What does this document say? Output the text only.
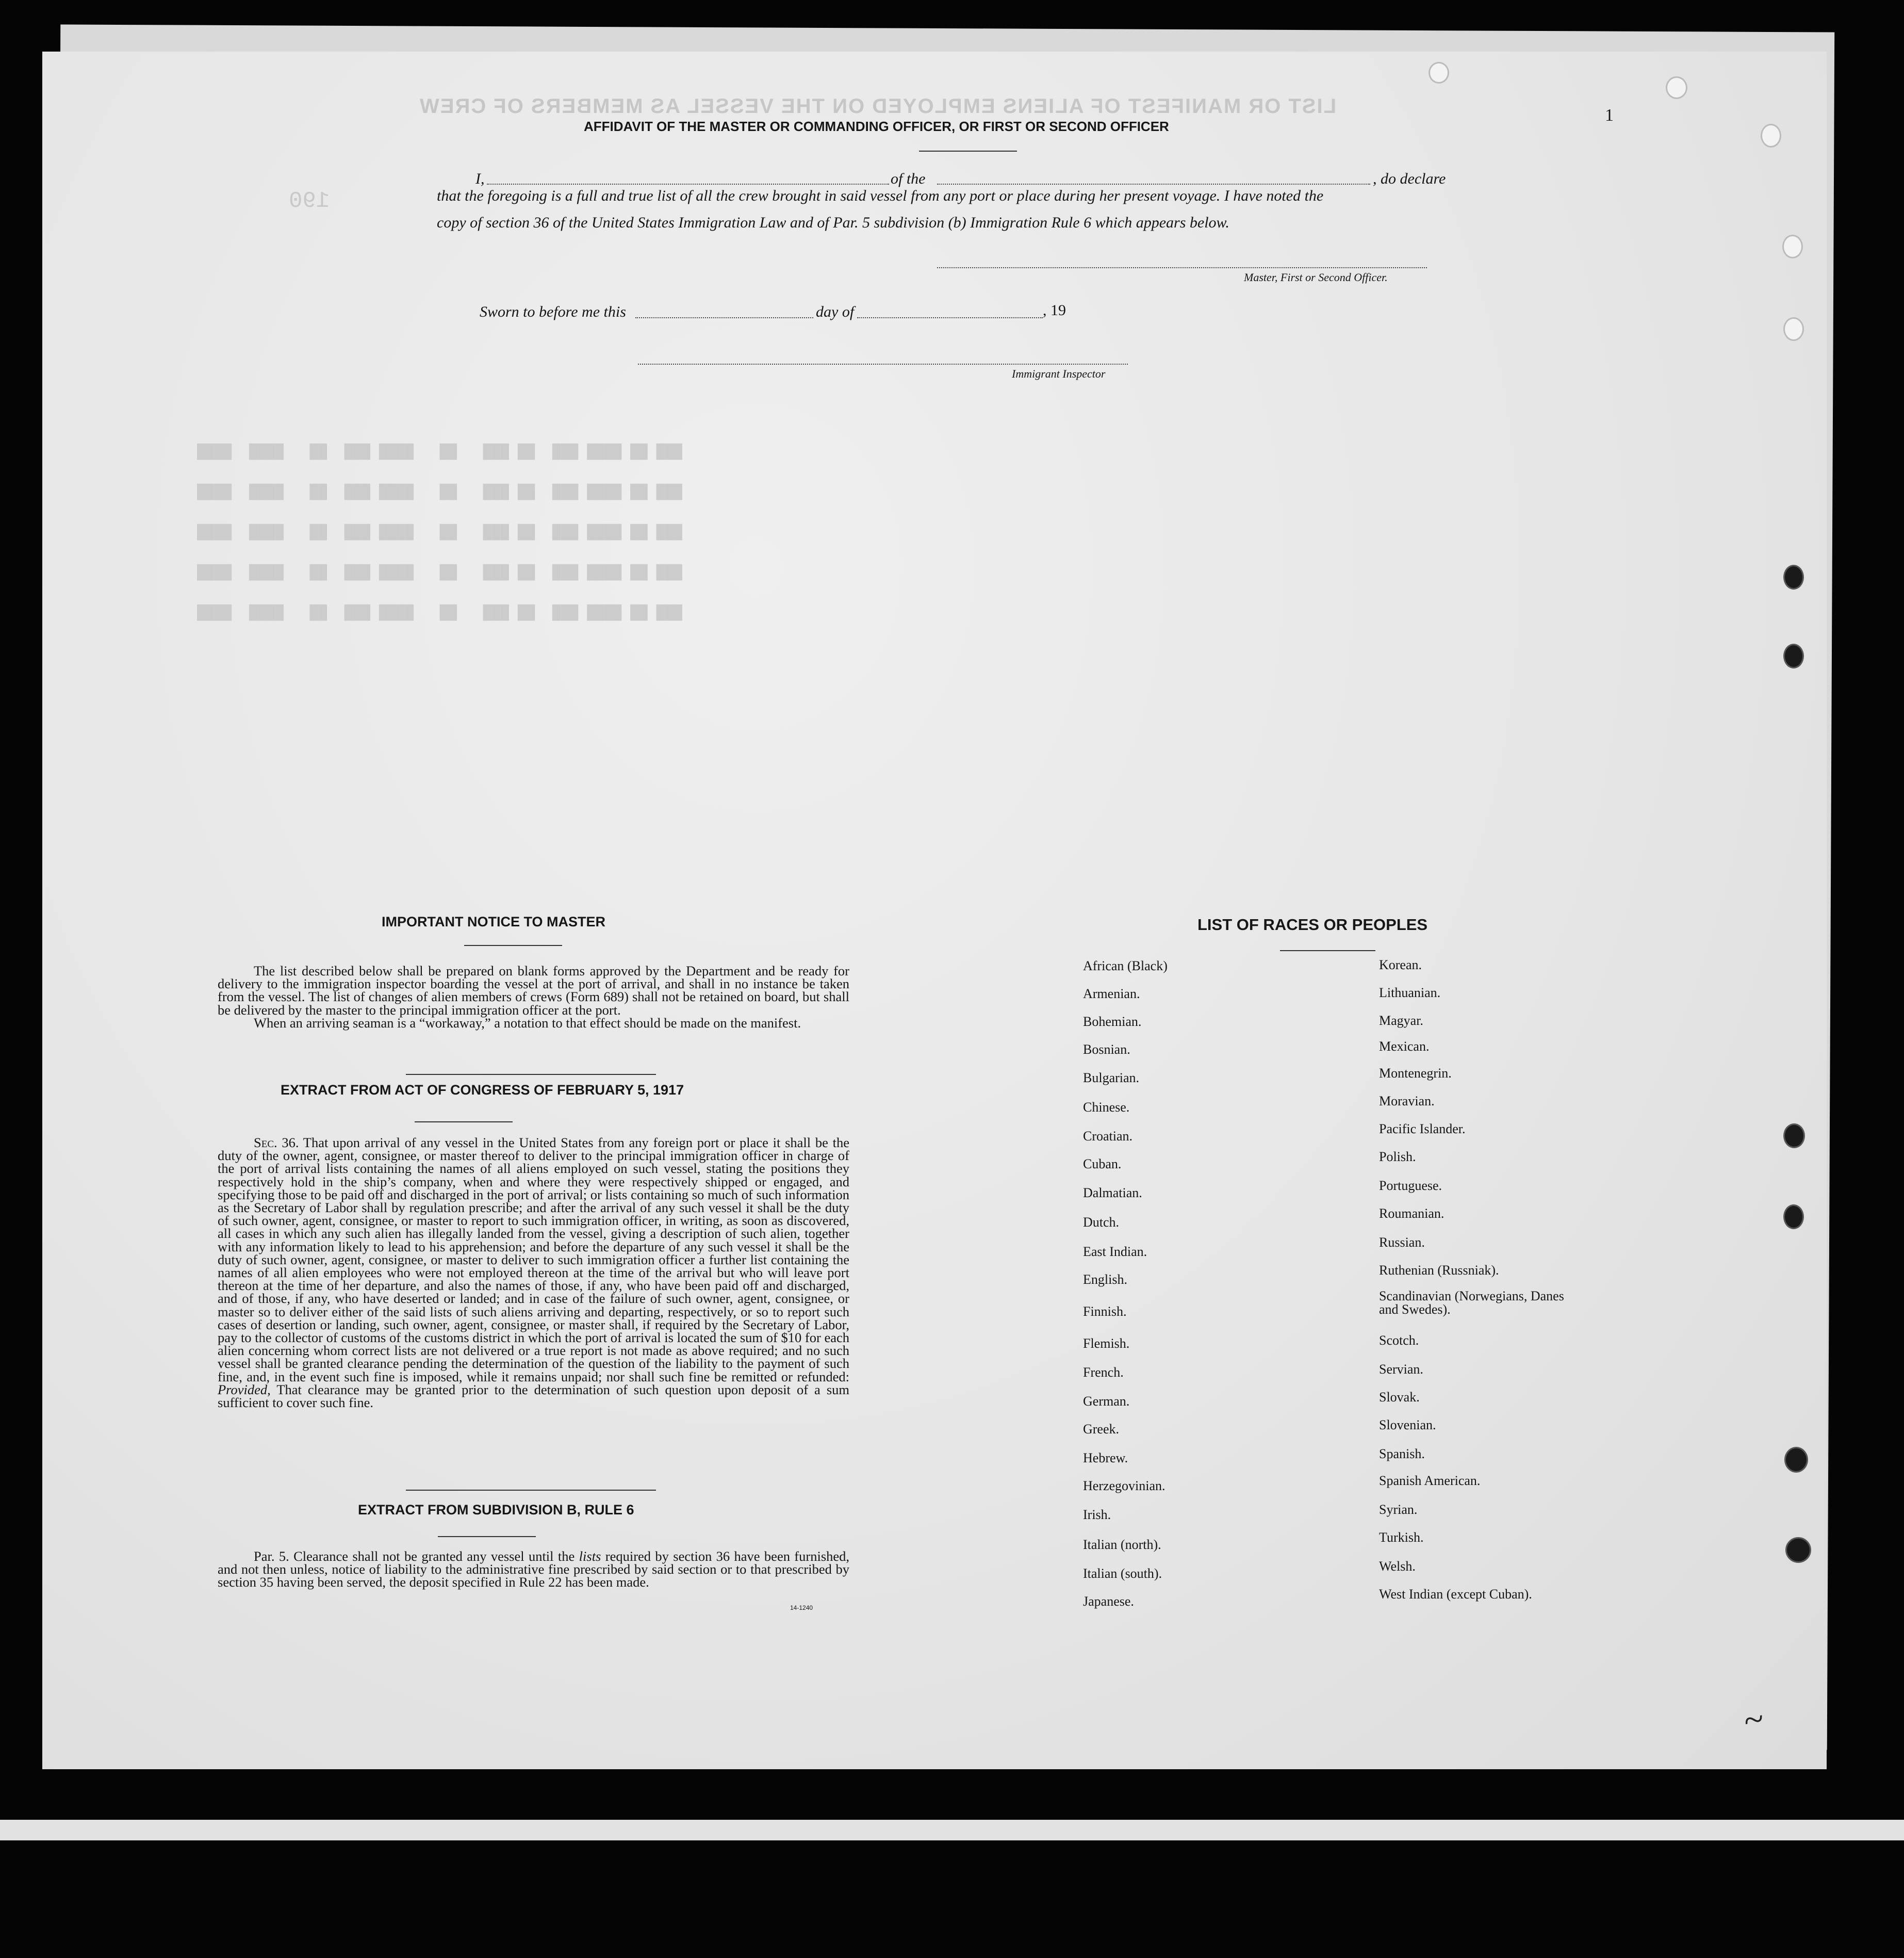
LIST OR MANIFEST OF ALIENS EMPLOYED ON THE VESSEL AS MEMBERS OF CREW
190

████  ████   ██  ███ ████   ██   ███ ██  ███ ████ ██ ███
████  ████   ██  ███ ████   ██   ███ ██  ███ ████ ██ ███
████  ████   ██  ███ ████   ██   ███ ██  ███ ████ ██ ███
████  ████   ██  ███ ████   ██   ███ ██  ███ ████ ██ ███
████  ████   ██  ███ ████   ██   ███ ██  ███ ████ ██ ███
1
AFFIDAVIT OF THE MASTER OR COMMANDING OFFICER, OR FIRST OR SECOND OFFICER
I,	of the	, do declare
that the foregoing is a full and true list of all the crew brought in said vessel from any port or place during her present voyage. I have noted the
copy of section 36 of the United States Immigration Law and of Par. 5 subdivision (b) Immigration Rule 6 which appears below.
Master, First or Second Officer.
Sworn to before me this	day of	, 19
Immigrant Inspector
IMPORTANT NOTICE TO MASTER

The list described below shall be prepared on blank forms approved by the Department and be ready for delivery to the immigration inspector boarding the vessel at the port of arrival, and shall in no instance be taken from the vessel. The list of changes of alien members of crews (Form 689) shall not be retained on board, but shall be delivered by the master to the principal immigration officer at the port.

When an arriving seaman is a “workaway,” a notation to that effect should be made on the manifest.

EXTRACT FROM ACT OF CONGRESS OF FEBRUARY 5, 1917

Sec. 36. That upon arrival of any vessel in the United States from any foreign port or place it shall be the duty of the owner, agent, consignee, or master thereof to deliver to the principal immigration officer in charge of the port of arrival lists containing the names of all aliens employed on such vessel, stating the positions they respectively hold in the ship’s company, when and where they were respectively shipped or engaged, and specifying those to be paid off and discharged in the port of arrival; or lists containing so much of such information as the Secretary of Labor shall by regulation prescribe; and after the arrival of any such vessel it shall be the duty of such owner, agent, consignee, or master to report to such immigration officer, in writing, as soon as discovered, all cases in which any such alien has illegally landed from the vessel, giving a description of such alien, together with any information likely to lead to his apprehension; and before the departure of any such vessel it shall be the duty of such owner, agent, consignee, or master to deliver to such immigration officer a further list containing the names of all alien employees who were not employed thereon at the time of the arrival but who will leave port thereon at the time of her departure, and also the names of those, if any, who have been paid off and discharged, and of those, if any, who have deserted or landed; and in case of the failure of such owner, agent, consignee, or master so to deliver either of the said lists of such aliens arriving and departing, respectively, or so to report such cases of desertion or landing, such owner, agent, consignee, or master shall, if required by the Secretary of Labor, pay to the collector of customs of the customs district in which the port of arrival is located the sum of $10 for each alien concerning whom correct lists are not delivered or a true report is not made as above required; and no such vessel shall be granted clearance pending the determination of the question of the liability to the payment of such fine, and, in the event such fine is imposed, while it remains unpaid; nor shall such fine be remitted or refunded: Provided, That clearance may be granted prior to the determination of such question upon deposit of a sum sufficient to cover such fine.

EXTRACT FROM SUBDIVISION B, RULE 6

Par. 5. Clearance shall not be granted any vessel until the lists required by section 36 have been furnished, and not then unless, notice of liability to the administrative fine prescribed by said section or to that prescribed by section 35 having been served, the deposit specified in Rule 22 has been made.

14-1240
LIST OF RACES OR PEOPLES
African (Black)
Armenian.
Bohemian.
Bosnian.
Bulgarian.
Chinese.
Croatian.
Cuban.
Dalmatian.
Dutch.
East Indian.
English.
Finnish.
Flemish.
French.
German.
Greek.
Hebrew.
Herzegovinian.
Irish.
Italian (north).
Italian (south).
Japanese.
Korean.
Lithuanian.
Magyar.
Mexican.
Montenegrin.
Moravian.
Pacific Islander.
Polish.
Portuguese.
Roumanian.
Russian.
Ruthenian (Russniak).
Scandinavian (Norwegians, Danes and Swedes).
Scotch.
Servian.
Slovak.
Slovenian.
Spanish.
Spanish American.
Syrian.
Turkish.
Welsh.
West Indian (except Cuban).
~
